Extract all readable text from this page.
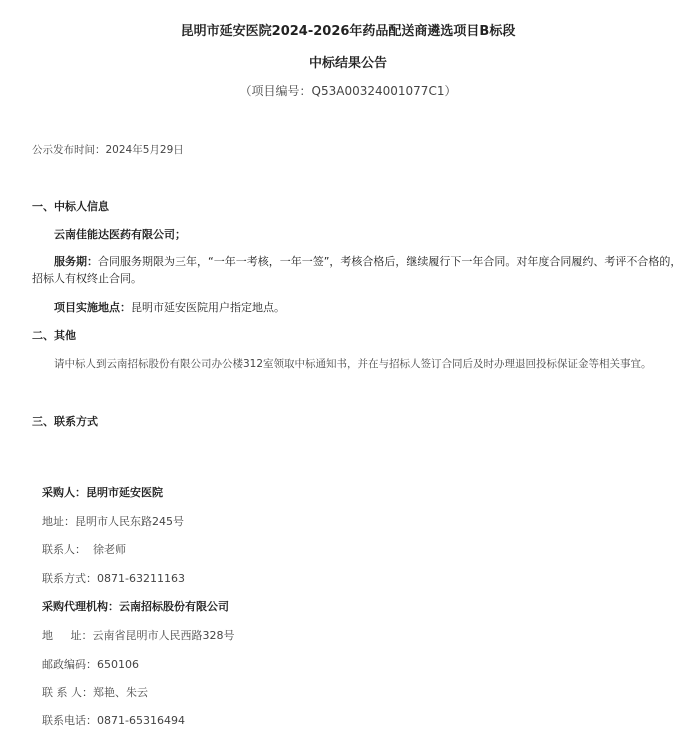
昆明市延安医院2024-2026年药品配送商遴选项目B标段
中标结果公告
（项目编号：Q53A00324001077C1）
公示发布时间：2024年5月29日
一、中标人信息
云南佳能达医药有限公司；
服务期：合同服务期限为三年，“一年一考核，一年一签”，考核合格后，继续履行下一年合同。对年度合同履约、考评不合格的，招标人有权终止合同。
项目实施地点：昆明市延安医院用户指定地点。
二、其他
请中标人到云南招标股份有限公司办公楼312室领取中标通知书，并在与招标人签订合同后及时办理退回投标保证金等相关事宜。
三、联系方式
采购人：昆明市延安医院
地址：昆明市人民东路245号
联系人：  徐老师
联系方式：0871-63211163
采购代理机构：云南招标股份有限公司
地     址：云南省昆明市人民西路328号
邮政编码：650106
联 系 人：郑艳、朱云
联系电话：0871-65316494
